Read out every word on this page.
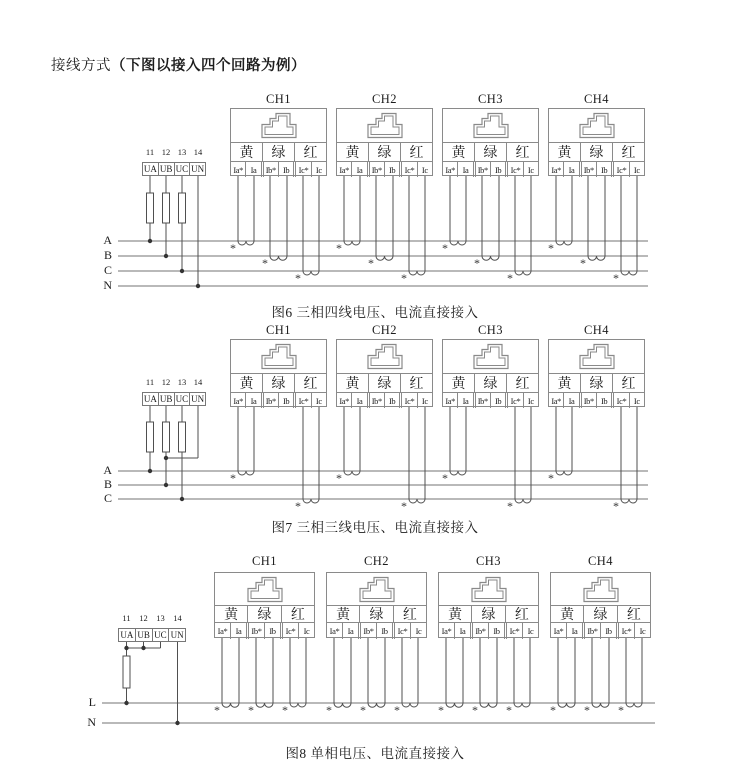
接线方式（下图以接入四个回路为例）
图6 三相四线电压、电流直接接入
*
*
*
*
*
*
*
*
*
*
*
*
A
B
C
N
CH1
黄	绿	红
Ia* Ia	Ib* Ib	Ic* Ic
CH2
黄	绿	红
Ia* Ia	Ib* Ib	Ic* Ic
CH3
黄	绿	红
Ia* Ia	Ib* Ib	Ic* Ic
CH4
黄	绿	红
Ia* Ia	Ib* Ib	Ic* Ic
11 12 13 14
UA UB UC UN
图7 三相三线电压、电流直接接入
*
*
*
*
*
*
*
*
A
B
C
CH1
黄	绿	红
Ia* Ia	Ib* Ib	Ic* Ic
CH2
黄	绿	红
Ia* Ia	Ib* Ib	Ic* Ic
CH3
黄	绿	红
Ia* Ia	Ib* Ib	Ic* Ic
CH4
黄	绿	红
Ia* Ia	Ib* Ib	Ic* Ic
11 12 13 14
UA UB UC UN
图8 单相电压、电流直接接入
* * *	* * *	* * *	* * *
L
N
CH1
黄	绿	红
Ia* Ia	Ib* Ib	Ic* Ic
CH2
黄	绿	红
Ia* Ia	Ib* Ib	Ic* Ic
CH3
黄	绿	红
Ia* Ia	Ib* Ib	Ic* Ic
CH4
黄	绿	红
Ia* Ia	Ib* Ib	Ic* Ic
11	12	13	14
UA UB UC UN
